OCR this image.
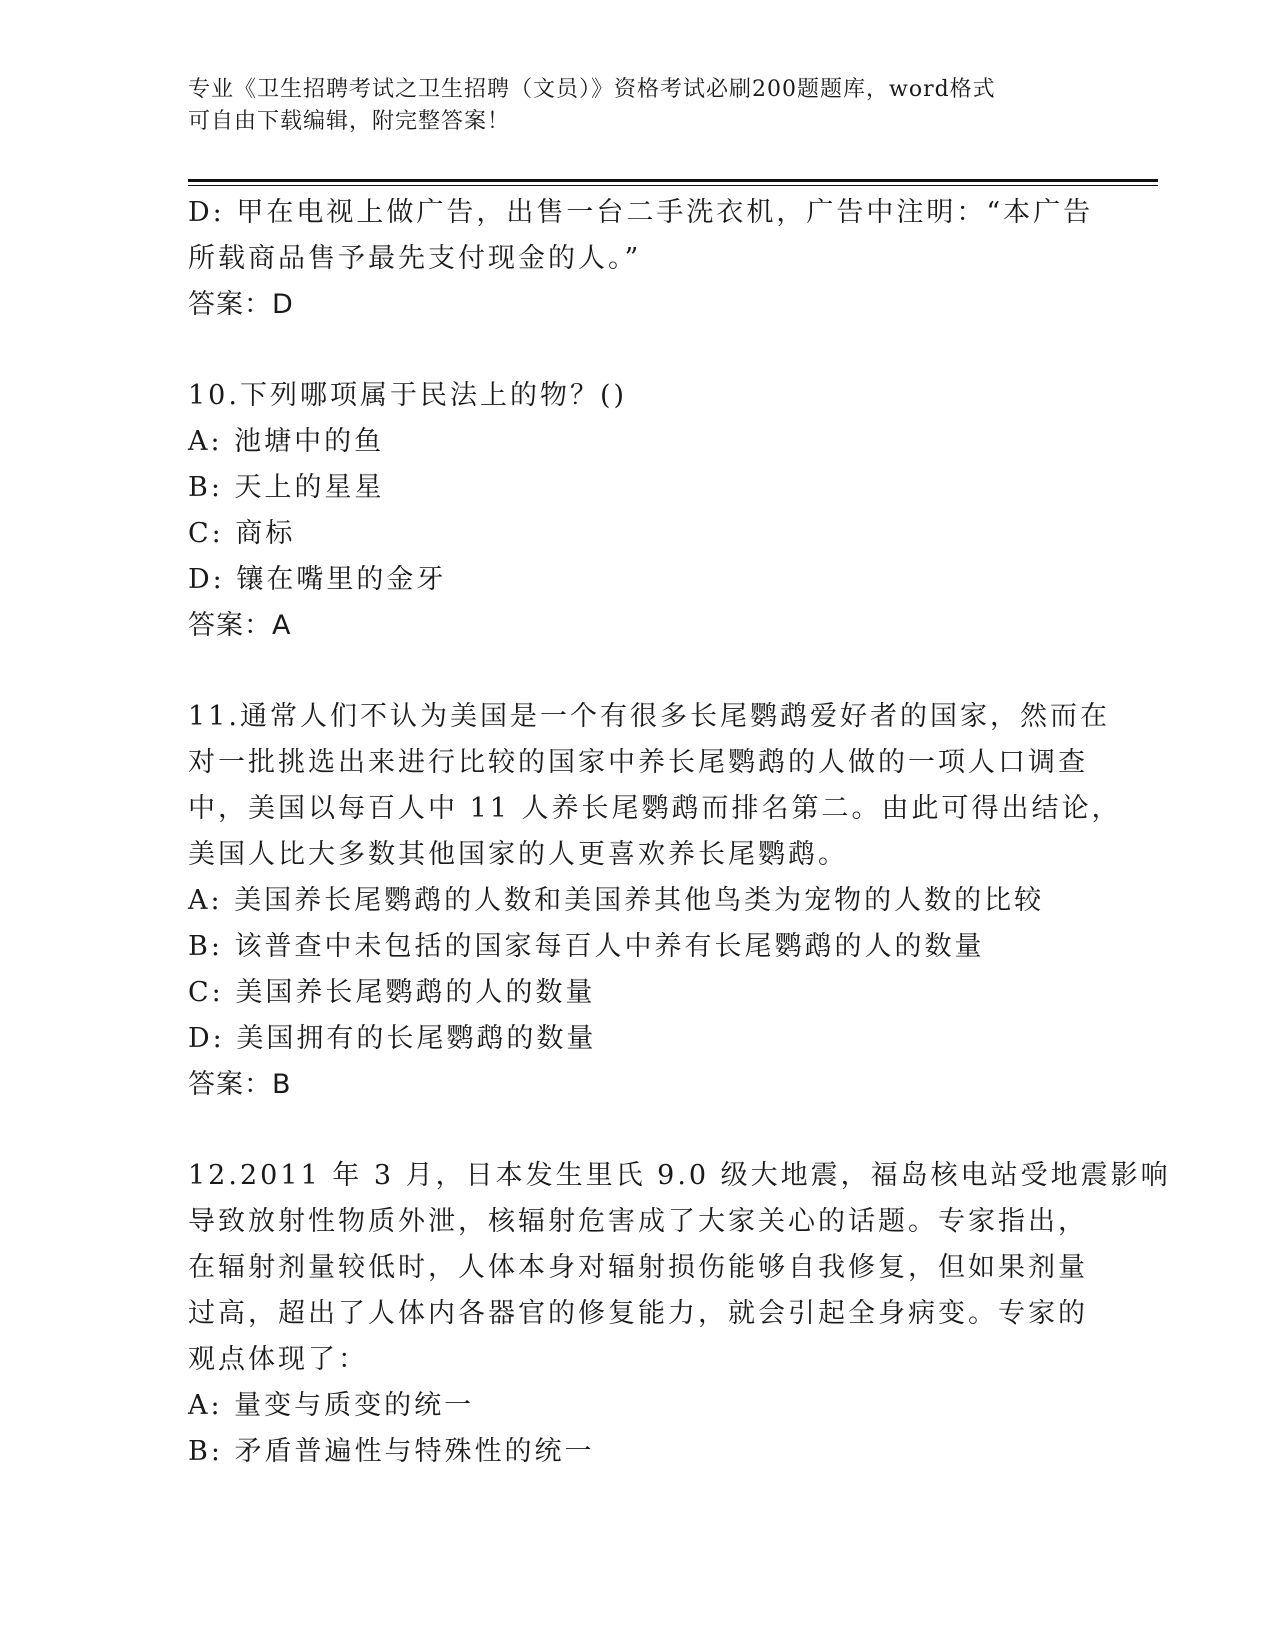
专业《卫生招聘考试之卫生招聘（文员）》资格考试必刷200题题库，word格式
可自由下载编辑，附完整答案！
D: 甲在电视上做广告，出售一台二手洗衣机，广告中注明：“本广告
所载商品售予最先支付现金的人。”
答案：D
10.下列哪项属于民法上的物？()
A: 池塘中的鱼
B: 天上的星星
C: 商标
D: 镶在嘴里的金牙
答案：A
11.通常人们不认为美国是一个有很多长尾鹦鹉爱好者的国家，然而在
对一批挑选出来进行比较的国家中养长尾鹦鹉的人做的一项人口调查
中，美国以每百人中 11 人养长尾鹦鹉而排名第二。由此可得出结论，
美国人比大多数其他国家的人更喜欢养长尾鹦鹉。
A: 美国养长尾鹦鹉的人数和美国养其他鸟类为宠物的人数的比较
B: 该普查中未包括的国家每百人中养有长尾鹦鹉的人的数量
C: 美国养长尾鹦鹉的人的数量
D: 美国拥有的长尾鹦鹉的数量
答案：B
12.2011 年 3 月，日本发生里氏 9.0 级大地震，福岛核电站受地震影响
导致放射性物质外泄，核辐射危害成了大家关心的话题。专家指出，
在辐射剂量较低时，人体本身对辐射损伤能够自我修复，但如果剂量
过高，超出了人体内各器官的修复能力，就会引起全身病变。专家的
观点体现了：
A: 量变与质变的统一
B: 矛盾普遍性与特殊性的统一
